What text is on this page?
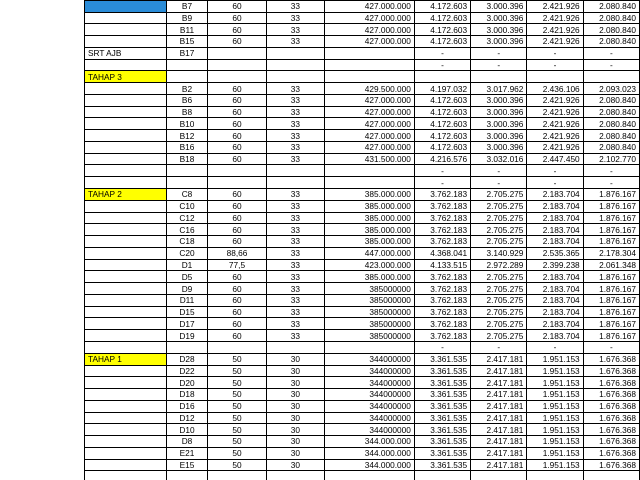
	B7	60	33	427.000.000	4.172.603	3.000.396	2.421.926	2.080.840
	B9	60	33	427.000.000	4.172.603	3.000.396	2.421.926	2.080.840
	B11	60	33	427.000.000	4.172.603	3.000.396	2.421.926	2.080.840
	B15	60	33	427.000.000	4.172.603	3.000.396	2.421.926	2.080.840
SRT AJB	B17				-	-	-	-
					-	-	-	-
TAHAP 3								
	B2	60	33	429.500.000	4.197.032	3.017.962	2.436.106	2.093.023
	B6	60	33	427.000.000	4.172.603	3.000.396	2.421.926	2.080.840
	B8	60	33	427.000.000	4.172.603	3.000.396	2.421.926	2.080.840
	B10	60	33	427.000.000	4.172.603	3.000.396	2.421.926	2.080.840
	B12	60	33	427.000.000	4.172.603	3.000.396	2.421.926	2.080.840
	B16	60	33	427.000.000	4.172.603	3.000.396	2.421.926	2.080.840
	B18	60	33	431.500.000	4.216.576	3.032.016	2.447.450	2.102.770
					-	-	-	-
					-	-	-	-
TAHAP 2	C8	60	33	385.000.000	3.762.183	2.705.275	2.183.704	1.876.167
	C10	60	33	385.000.000	3.762.183	2.705.275	2.183.704	1.876.167
	C12	60	33	385.000.000	3.762.183	2.705.275	2.183.704	1.876.167
	C16	60	33	385.000.000	3.762.183	2.705.275	2.183.704	1.876.167
	C18	60	33	385.000.000	3.762.183	2.705.275	2.183.704	1.876.167
	C20	88,66	33	447.000.000	4.368.041	3.140.929	2.535.365	2.178.304
	D1	77,5	33	423.000.000	4.133.515	2.972.289	2.399.238	2.061.348
	D5	60	33	385.000.000	3.762.183	2.705.275	2.183.704	1.876.167
	D9	60	33	385000000	3.762.183	2.705.275	2.183.704	1.876.167
	D11	60	33	385000000	3.762.183	2.705.275	2.183.704	1.876.167
	D15	60	33	385000000	3.762.183	2.705.275	2.183.704	1.876.167
	D17	60	33	385000000	3.762.183	2.705.275	2.183.704	1.876.167
	D19	60	33	385000000	3.762.183	2.705.275	2.183.704	1.876.167
					-	-	-	-
TAHAP 1	D28	50	30	344000000	3.361.535	2.417.181	1.951.153	1.676.368
	D22	50	30	344000000	3.361.535	2.417.181	1.951.153	1.676.368
	D20	50	30	344000000	3.361.535	2.417.181	1.951.153	1.676.368
	D18	50	30	344000000	3.361.535	2.417.181	1.951.153	1.676.368
	D16	50	30	344000000	3.361.535	2.417.181	1.951.153	1.676.368
	D12	50	30	344000000	3.361.535	2.417.181	1.951.153	1.676.368
	D10	50	30	344000000	3.361.535	2.417.181	1.951.153	1.676.368
	D8	50	30	344.000.000	3.361.535	2.417.181	1.951.153	1.676.368
	E21	50	30	344.000.000	3.361.535	2.417.181	1.951.153	1.676.368
	E15	50	30	344.000.000	3.361.535	2.417.181	1.951.153	1.676.368
